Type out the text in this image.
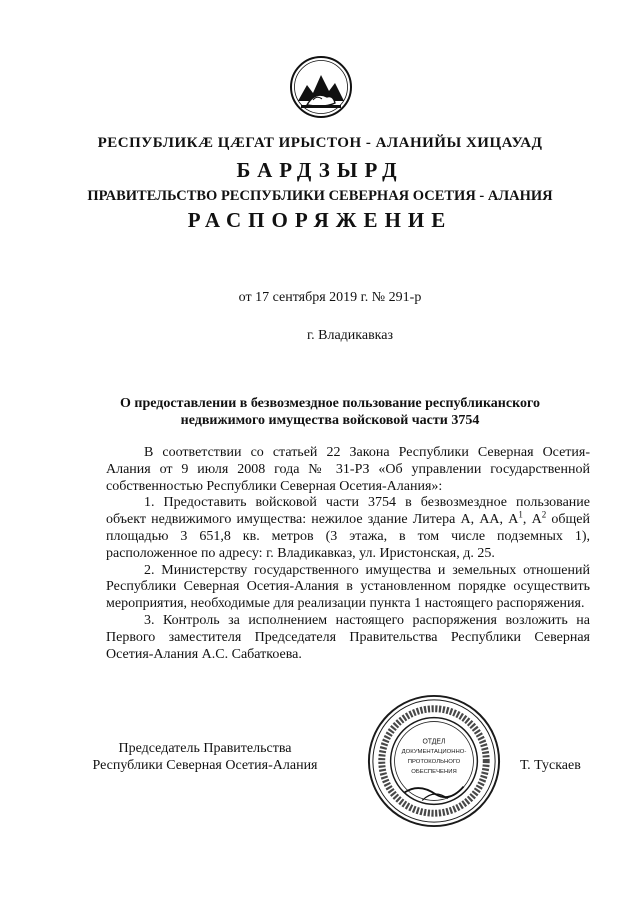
РЕСПУБЛИКӔ ЦӔГАТ ИРЫСТОН - АЛАНИЙЫ ХИЦАУАД
БАРДЗЫРД
ПРАВИТЕЛЬСТВО РЕСПУБЛИКИ СЕВЕРНАЯ ОСЕТИЯ - АЛАНИЯ
РАСПОРЯЖЕНИЕ
от 17 сентября 2019 г. № 291-р
г. Владикавказ
О предоставлении в безвозмездное пользование республиканского
недвижимого имущества войсковой части 3754

В соответствии со статьей 22 Закона Республики Северная Осетия-Алания от 9 июля 2008 года № 31-РЗ «Об управлении государственной собственностью Республики Северная Осетия-Алания»:

1. Предоставить войсковой части 3754 в безвозмездное пользование объект недвижимого имущества: нежилое здание Литера А, АА, $А^1$, $А^2$ общей площадью 3 651,8 кв. метров (3 этажа, в том числе подземных 1), расположенное по адресу: г. Владикавказ, ул. Иристонская, д. 25.

2. Министерству государственного имущества и земельных отношений Республики Северная Осетия-Алания в установленном порядке осуществить мероприятия, необходимые для реализации пункта 1 настоящего распоряжения.

3. Контроль за исполнением настоящего распоряжения возложить на Первого заместителя Председателя Правительства Республики Северная Осетия-Алания А.С. Сабаткоева.

Председатель Правительства
Республики Северная Осетия-Алания
ОТДЕЛ
ДОКУМЕНТАЦИОННО-
ПРОТОКОЛЬНОГО
ОБЕСПЕЧЕНИЯ	Т. Тускаев
